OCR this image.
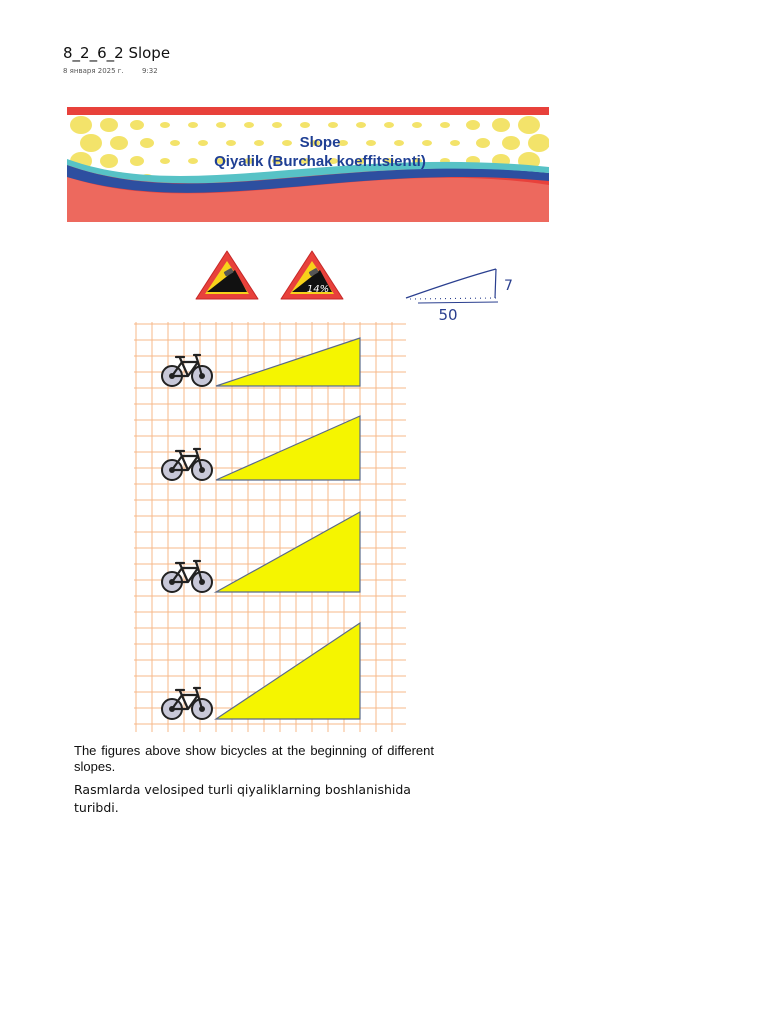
8_2_6_2 Slope
8 января 2025 г.	9:32
Slope
Qiyalik (Burchak koeffitsienti)
14%	7
50

The figures above show bicycles at the beginning of different slopes.

Rasmlarda velosiped turli qiyaliklarning boshlanishida turibdi.
